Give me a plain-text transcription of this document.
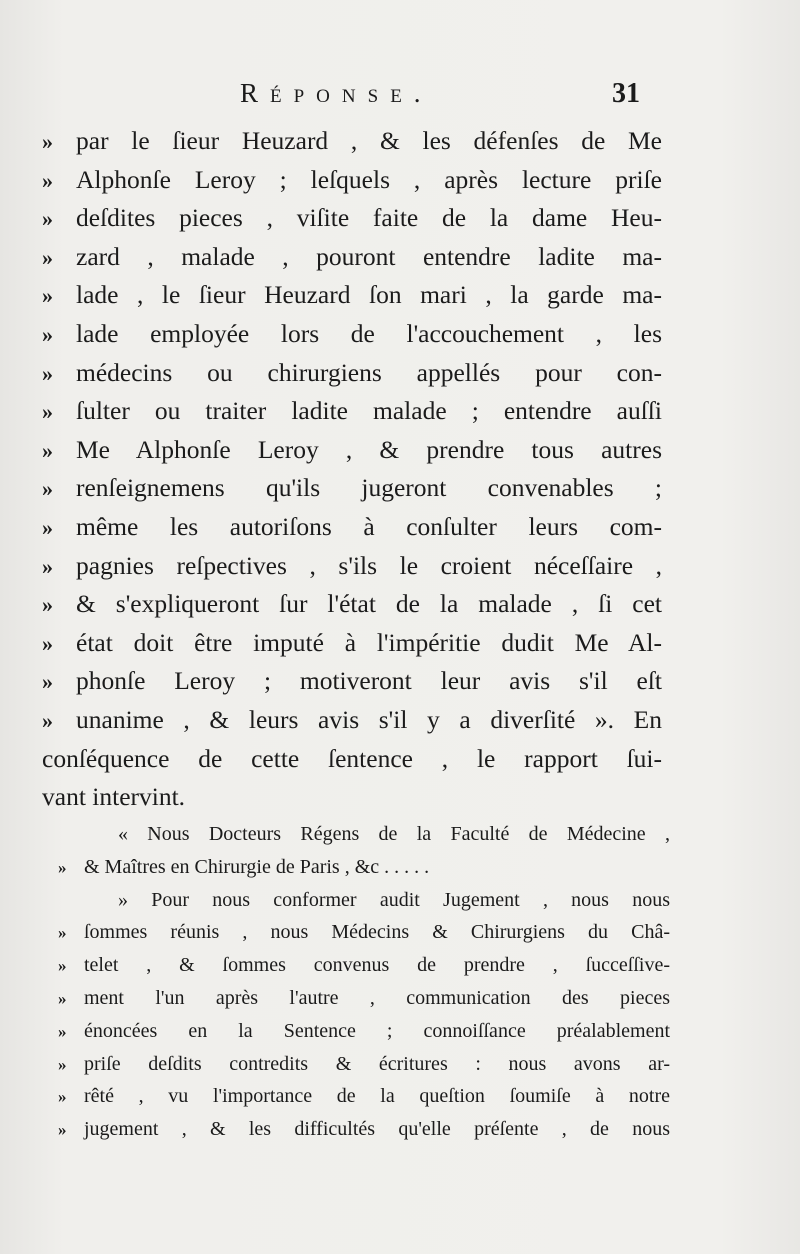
Réponse.	31
» par le ſieur Heuzard , & les défenſes de Me
» Alphonſe Leroy ; leſquels , après lecture priſe
» deſdites pieces , viſite faite de la dame Heu-
» zard , malade , pouront entendre ladite ma-
» lade , le ſieur Heuzard ſon mari , la garde ma-
» lade employée lors de l'accouchement , les
» médecins ou chirurgiens appellés pour con-
» ſulter ou traiter ladite malade ; entendre auſſi
» Me Alphonſe Leroy , & prendre tous autres
» renſeignemens qu'ils jugeront convenables ;
» même les autoriſons à conſulter leurs com-
» pagnies reſpectives , s'ils le croient néceſſaire ,
» & s'expliqueront ſur l'état de la malade , ſi cet
» état doit être imputé à l'impéritie dudit Me Al-
» phonſe Leroy ; motiveront leur avis s'il eſt
» unanime , & leurs avis s'il y a diverſité ». En
conſéquence de cette ſentence , le rapport ſui-
vant intervint.
« Nous Docteurs Régens de la Faculté de Médecine ,
» & Maîtres en Chirurgie de Paris , &c . . . . .
» Pour nous conformer audit Jugement , nous nous
» ſommes réunis , nous Médecins & Chirurgiens du Châ-
» telet , & ſommes convenus de prendre , ſucceſſive-
» ment l'un après l'autre , communication des pieces
» énoncées en la Sentence ; connoiſſance préalablement
» priſe deſdits contredits & écritures : nous avons ar-
» rêté , vu l'importance de la queſtion ſoumiſe à notre
» jugement , & les difficultés qu'elle préſente , de nous
